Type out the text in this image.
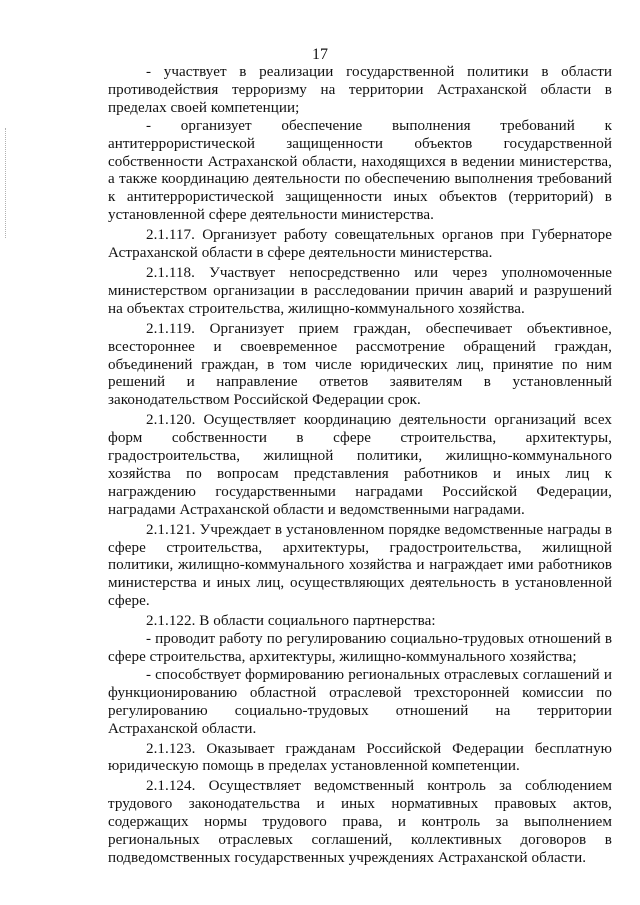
17

- участвует в реализации государственной политики в области противодействия терроризму на территории Астраханской области в пределах своей компетенции;

- организует обеспечение выполнения требований к антитеррористической защищенности объектов государственной собственности Астраханской области, находящихся в ведении министерства, а также координацию деятельности по обеспечению выполнения требований к антитеррористической защищенности иных объектов (территорий) в установленной сфере деятельности министерства.

2.1.117. Организует работу совещательных органов при Губернаторе Астраханской области в сфере деятельности министерства.

2.1.118. Участвует непосредственно или через уполномоченные министерством организации в расследовании причин аварий и разрушений на объектах строительства, жилищно-коммунального хозяйства.

2.1.119. Организует прием граждан, обеспечивает объективное, всестороннее и своевременное рассмотрение обращений граждан, объединений граждан, в том числе юридических лиц, принятие по ним решений и направление ответов заявителям в установленный законодательством Российской Федерации срок.

2.1.120. Осуществляет координацию деятельности организаций всех форм собственности в сфере строительства, архитектуры, градостроительства, жилищной политики, жилищно-коммунального хозяйства по вопросам представления работников и иных лиц к награждению государственными наградами Российской Федерации, наградами Астраханской области и ведомственными наградами.

2.1.121. Учреждает в установленном порядке ведомственные награды в сфере строительства, архитектуры, градостроительства, жилищной политики, жилищно-коммунального хозяйства и награждает ими работников министерства и иных лиц, осуществляющих деятельность в установленной сфере.

2.1.122. В области социального партнерства:

- проводит работу по регулированию социально-трудовых отношений в сфере строительства, архитектуры, жилищно-коммунального хозяйства;

- способствует формированию региональных отраслевых соглашений и функционированию областной отраслевой трехсторонней комиссии по регулированию социально-трудовых отношений на территории Астраханской области.

2.1.123. Оказывает гражданам Российской Федерации бесплатную юридическую помощь в пределах установленной компетенции.

2.1.124. Осуществляет ведомственный контроль за соблюдением трудового законодательства и иных нормативных правовых актов, содержащих нормы трудового права, и контроль за выполнением региональных отраслевых соглашений, коллективных договоров в подведомственных государственных учреждениях Астраханской области.
